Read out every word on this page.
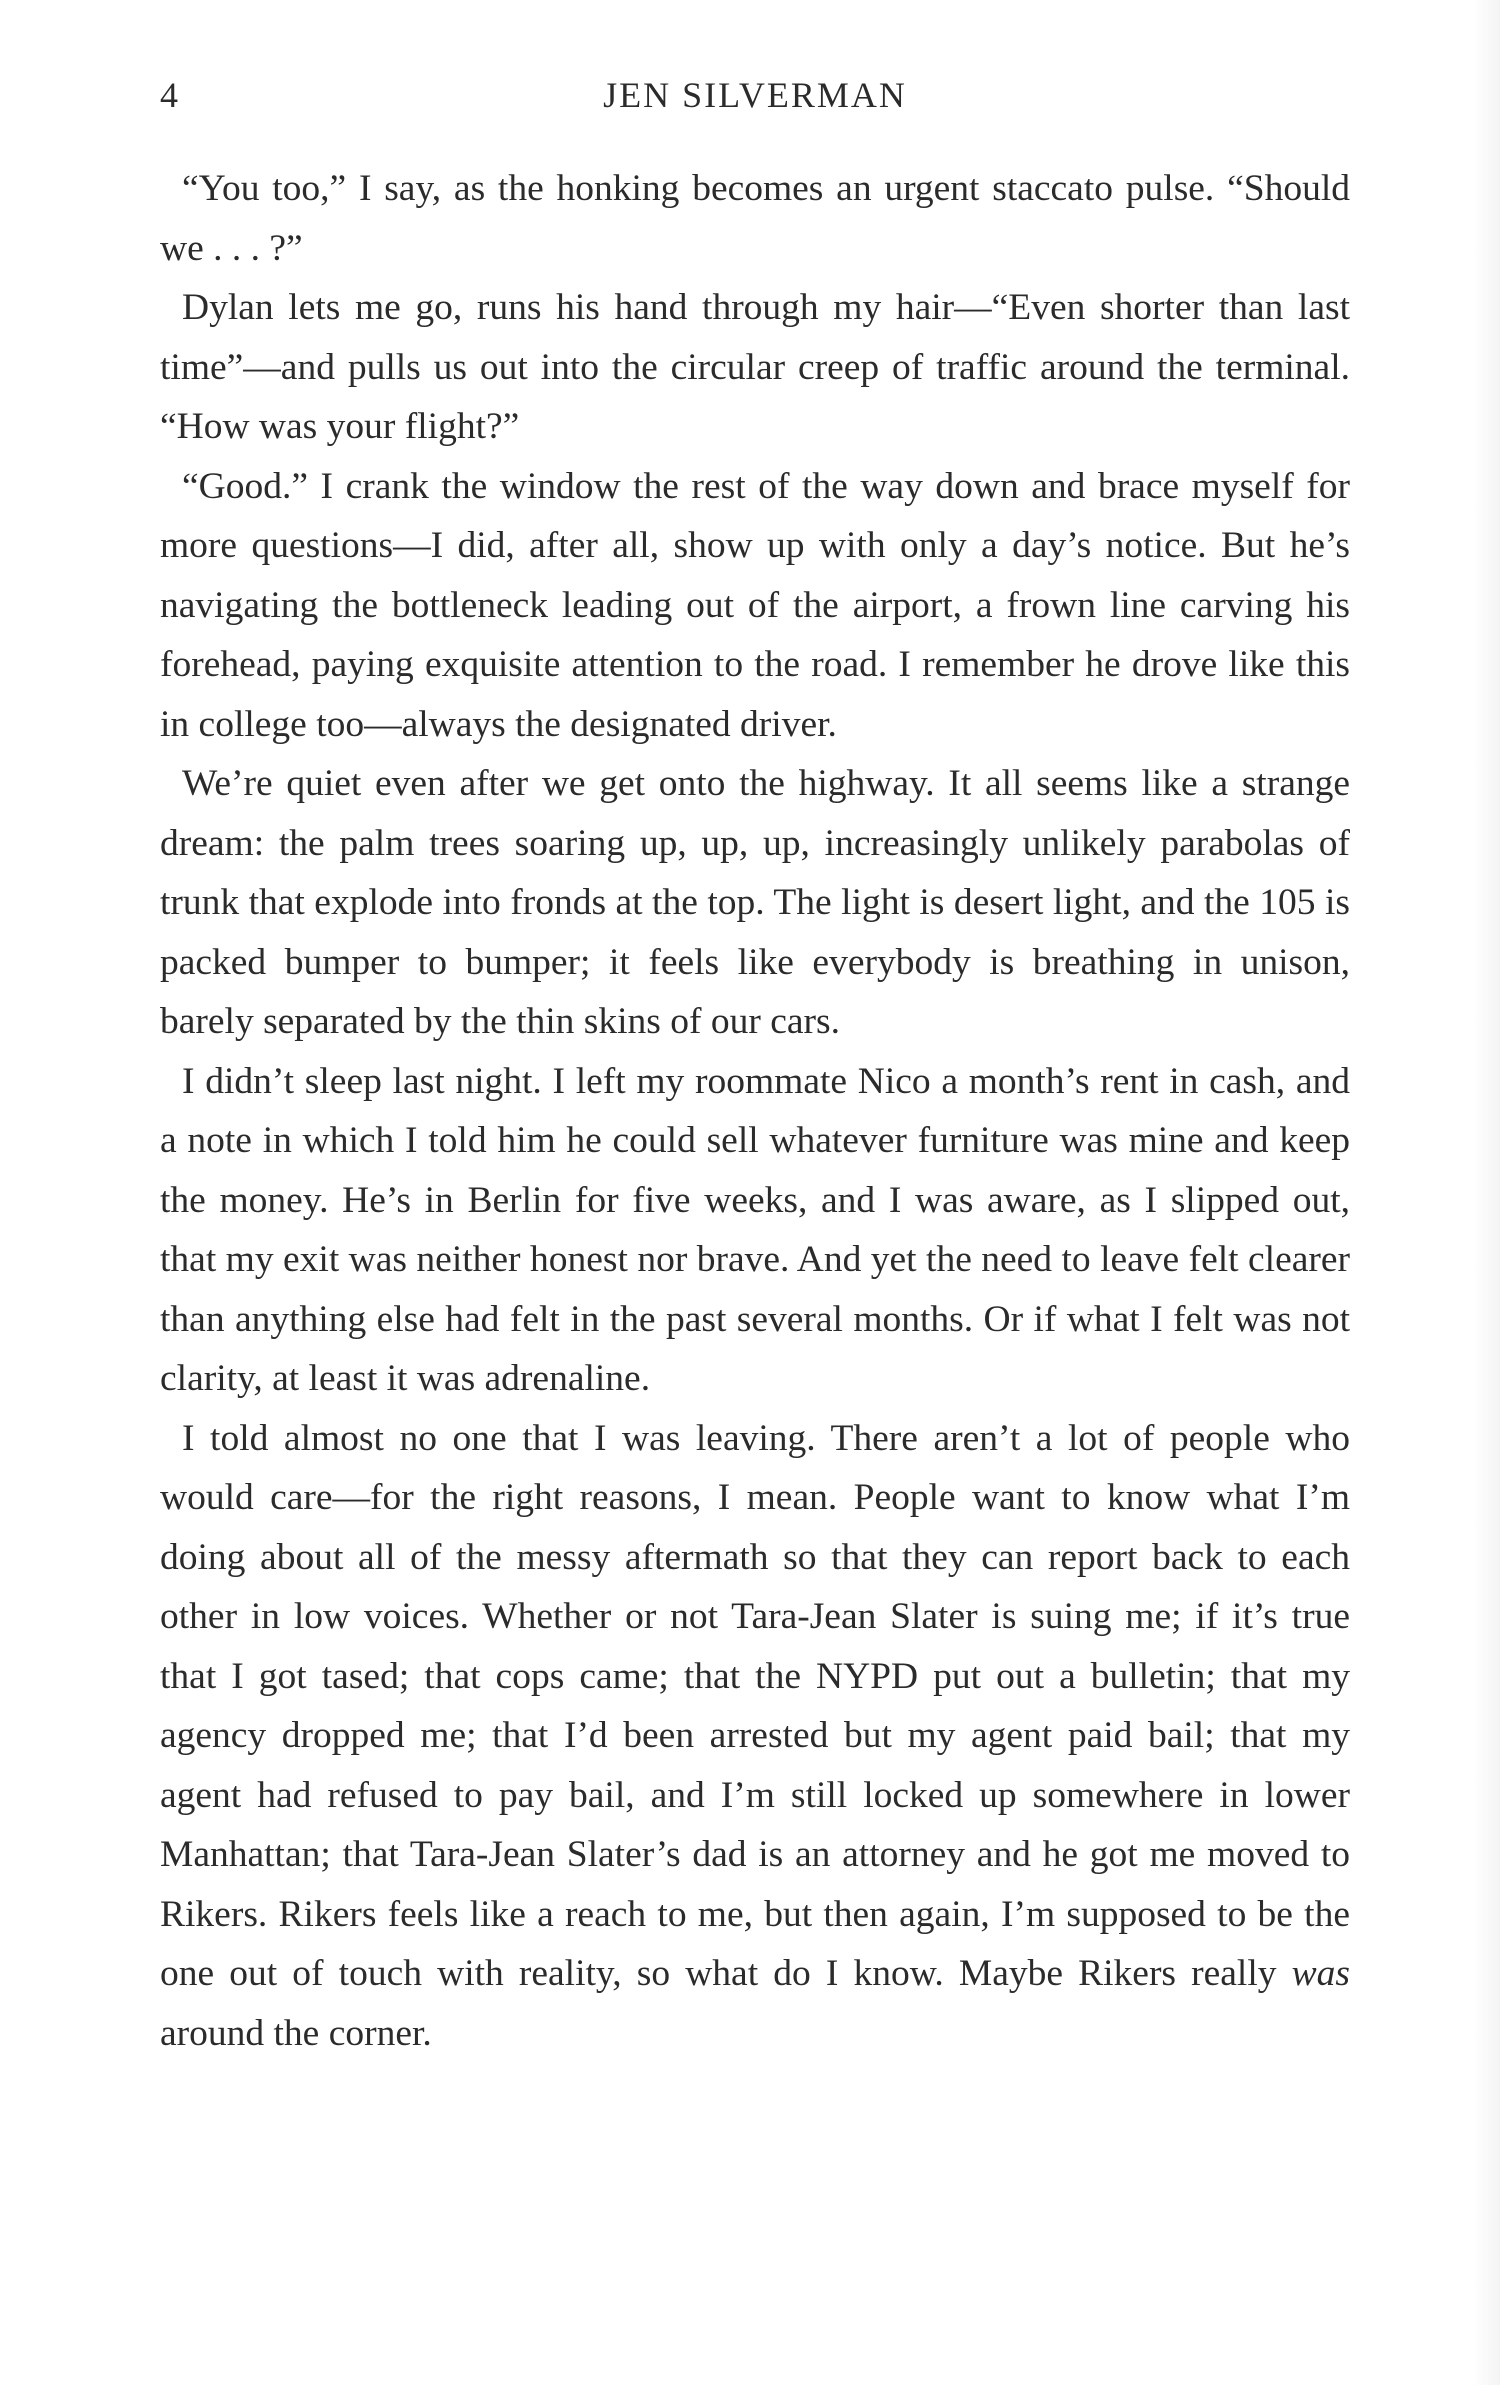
4	JEN SILVERMAN

“You too,” I say, as the honking becomes an urgent staccato pulse. “Should we . . . ?”

Dylan lets me go, runs his hand through my hair—“Even shorter than last time”—and pulls us out into the circular creep of traffic around the terminal. “How was your flight?”

“Good.” I crank the window the rest of the way down and brace myself for more questions—I did, after all, show up with only a day’s notice. But he’s navigating the bottleneck leading out of the airport, a frown line carving his forehead, paying exquisite attention to the road. I remember he drove like this in college too—always the designated driver.

We’re quiet even after we get onto the highway. It all seems like a strange dream: the palm trees soaring up, up, up, increasingly unlikely parabolas of trunk that explode into fronds at the top. The light is desert light, and the 105 is packed bumper to bumper; it feels like everybody is breathing in unison, barely separated by the thin skins of our cars.

I didn’t sleep last night. I left my roommate Nico a month’s rent in cash, and a note in which I told him he could sell whatever furniture was mine and keep the money. He’s in Berlin for five weeks, and I was aware, as I slipped out, that my exit was neither honest nor brave. And yet the need to leave felt clearer than anything else had felt in the past several months. Or if what I felt was not clarity, at least it was adrenaline.

I told almost no one that I was leaving. There aren’t a lot of people who would care—for the right reasons, I mean. People want to know what I’m doing about all of the messy aftermath so that they can report back to each other in low voices. Whether or not Tara-Jean Slater is suing me; if it’s true that I got tased; that cops came; that the NYPD put out a bulletin; that my agency dropped me; that I’d been arrested but my agent paid bail; that my agent had refused to pay bail, and I’m still locked up somewhere in lower Manhattan; that Tara-Jean Slater’s dad is an attorney and he got me moved to Rikers. Rikers feels like a reach to me, but then again, I’m supposed to be the one out of touch with reality, so what do I know. Maybe Rikers really was around the corner.
